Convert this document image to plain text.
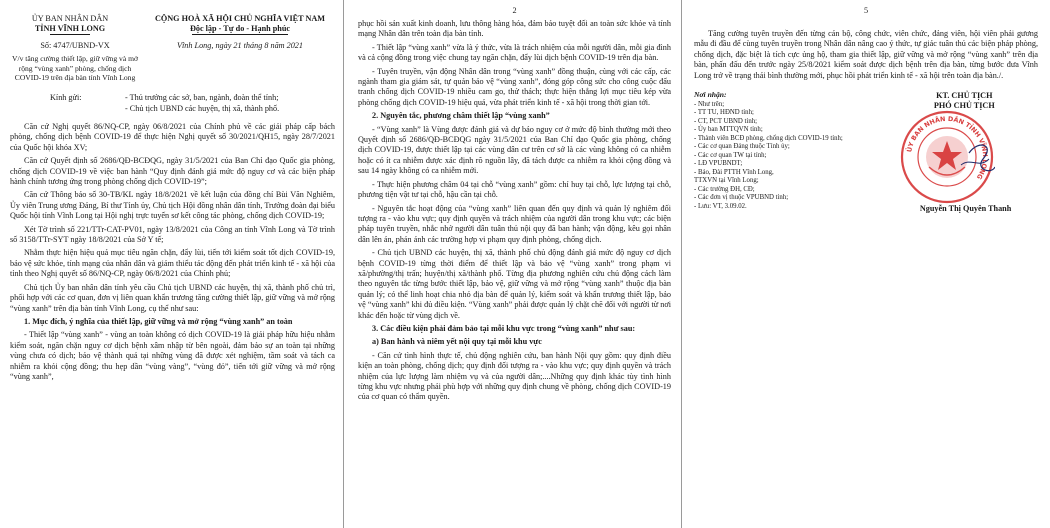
ỦY BAN NHÂN DÂN
TỈNH VĨNH LONG
CỘNG HOÀ XÃ HỘI CHỦ NGHĨA VIỆT NAM
Độc lập - Tự do - Hạnh phúc
Số: 4747/UBND-VX
V/v tăng cường thiết lập, giữ vững và mở rộng “vùng xanh” phòng, chống dịch COVID-19 trên địa bàn tỉnh Vĩnh Long
Vĩnh Long, ngày 21 tháng 8 năm 2021
Kính gửi:	- Thủ trưởng các sở, ban, ngành, đoàn thể tỉnh;
- Chủ tịch UBND các huyện, thị xã, thành phố.

Căn cứ Nghị quyết 86/NQ-CP, ngày 06/8/2021 của Chính phủ về các giải pháp cấp bách phòng, chống dịch bệnh COVID-19 để thực hiện Nghị quyết số 30/2021/QH15, ngày 28/7/2021 của Quốc hội khóa XV;

Căn cứ Quyết định số 2686/QĐ-BCĐQG, ngày 31/5/2021 của Ban Chỉ đạo Quốc gia phòng, chống dịch COVID-19 về việc ban hành “Quy định đánh giá mức độ nguy cơ và các biện pháp hành chính tương ứng trong phòng chống dịch COVID-19”;

Căn cứ Thông báo số 30-TB/KL ngày 18/8/2021 về kết luận của đồng chí Bùi Văn Nghiêm, Ủy viên Trung ương Đảng, Bí thư Tỉnh ủy, Chủ tịch Hội đồng nhân dân tỉnh, Trưởng đoàn đại biểu Quốc hội tỉnh Vĩnh Long tại Hội nghị trực tuyến sơ kết công tác phòng, chống dịch COVID-19;

Xét Tờ trình số 221/TTr-CAT-PV01, ngày 13/8/2021 của Công an tỉnh Vĩnh Long và Tờ trình số 3158/TTr-SYT ngày 18/8/2021 của Sở Y tế;

Nhằm thực hiện hiệu quả mục tiêu ngăn chặn, đẩy lùi, tiến tới kiểm soát tốt dịch COVID-19, bảo vệ sức khỏe, tính mạng của nhân dân và giảm thiểu tác động đến phát triển kinh tế - xã hội của tỉnh theo Nghị quyết số 86/NQ-CP, ngày 06/8/2021 của Chính phủ;

Chủ tịch Ủy ban nhân dân tỉnh yêu cầu Chủ tịch UBND các huyện, thị xã, thành phố chủ trì, phối hợp với các cơ quan, đơn vị liên quan khẩn trương tăng cường thiết lập, giữ vững và mở rộng “vùng xanh” trên địa bàn tỉnh Vĩnh Long, cụ thể như sau:

1. Mục đích, ý nghĩa của thiết lập, giữ vững và mở rộng “vùng xanh” an toàn

- Thiết lập “vùng xanh” - vùng an toàn không có dịch COVID-19 là giải pháp hữu hiệu nhằm kiểm soát, ngăn chặn nguy cơ dịch bệnh xâm nhập từ bên ngoài, đảm bảo sự an toàn tại những vùng chưa có dịch; bảo vệ thành quả tại những vùng đã được xét nghiệm, tầm soát và tách ca nhiễm ra khỏi cộng đồng; thu hẹp dần “vùng vàng”, “vùng đỏ”, tiến tới giữ vững và mở rộng “vùng xanh”,

2

phục hồi sản xuất kinh doanh, lưu thông hàng hóa, đảm bảo tuyệt đối an toàn sức khỏe và tính mạng Nhân dân trên toàn địa bàn tỉnh.

- Thiết lập “vùng xanh” vừa là ý thức, vừa là trách nhiệm của mỗi người dân, mỗi gia đình và cả cộng đồng trong việc chung tay ngăn chặn, đẩy lùi dịch bệnh COVID-19 trên địa bàn.

- Tuyên truyền, vận động Nhân dân trong “vùng xanh” đồng thuận, cùng với các cấp, các ngành tham gia giám sát, tự quản bảo vệ “vùng xanh”, đóng góp công sức cho công cuộc đấu tranh chống dịch COVID-19 nhiều cam go, thử thách; thực hiện thắng lợi mục tiêu kép vừa phòng chống dịch COVID-19 hiệu quả, vừa phát triển kinh tế - xã hội trong thời gian tới.

2. Nguyên tắc, phương châm thiết lập “vùng xanh”

- “Vùng xanh” là Vùng được đánh giá và dự báo nguy cơ ở mức độ bình thường mới theo Quyết định số 2686/QĐ-BCĐQG ngày 31/5/2021 của Ban Chỉ đạo Quốc gia phòng, chống dịch COVID-19, được thiết lập tại các vùng dân cư trên cơ sở là các vùng không có ca nhiễm hoặc có ít ca nhiễm được xác định rõ nguồn lây, đã tách được ca nhiễm ra khỏi cộng đồng và sau 14 ngày không có ca nhiễm mới.

- Thực hiện phương châm 04 tại chỗ “vùng xanh” gồm: chỉ huy tại chỗ, lực lượng tại chỗ, phương tiện vật tư tại chỗ, hậu cần tại chỗ.

- Nguyên tắc hoạt động của “vùng xanh” liên quan đến quy định và quản lý nghiêm đối tượng ra - vào khu vực; quy định quyền và trách nhiệm của người dân trong khu vực; các biện pháp tuyên truyền, nhắc nhở người dân tuân thủ nội quy đã ban hành; vận động, kêu gọi nhân dân lên án, phản ánh các trường hợp vi phạm quy định phòng, chống dịch.

- Chủ tịch UBND các huyện, thị xã, thành phố chủ động đánh giá mức độ nguy cơ dịch bệnh COVID-19 từng thời điểm để thiết lập và bảo vệ “vùng xanh” trong phạm vi xã/phường/thị trấn; huyện/thị xã/thành phố. Từng địa phương nghiên cứu chủ động cách làm theo nguyên tắc từng bước thiết lập, bảo vệ, giữ vững và mở rộng “vùng xanh” thuộc địa bàn quản lý; có thể linh hoạt chia nhỏ địa bàn để quản lý, kiểm soát và khẩn trương thiết lập, bảo vệ “vùng xanh” khi đủ điều kiện. “Vùng xanh” phải được quản lý chặt chẽ đối với người từ nơi khác đến hoặc từ vùng dịch về.

3. Các điều kiện phải đảm bảo tại mỗi khu vực trong “vùng xanh” như sau:

a) Ban hành và niêm yết nội quy tại mỗi khu vực

- Căn cứ tình hình thực tế, chủ động nghiên cứu, ban hành Nội quy gồm: quy định điều kiện an toàn phòng, chống dịch; quy định đối tượng ra - vào khu vực; quy định quyền và trách nhiệm của lực lượng làm nhiệm vụ và của người dân;....Những quy định khác tùy tình hình từng khu vực nhưng phải phù hợp với những quy định chung về phòng, chống dịch COVID-19 của cơ quan có thẩm quyền.

5

Tăng cường tuyên truyền đến từng cán bộ, công chức, viên chức, đảng viên, hội viên phải gương mẫu đi đầu để cùng tuyên truyền trong Nhân dân nâng cao ý thức, tự giác tuân thủ các biện pháp phòng, chống dịch, đặc biệt là tích cực ủng hộ, tham gia thiết lập, giữ vững và mở rộng “vùng xanh” trên địa bàn, phấn đấu đến trước ngày 25/8/2021 kiểm soát được dịch bệnh trên địa bàn, từng bước đưa Vĩnh Long trở về trạng thái bình thường mới, phục hồi phát triển kinh tế - xã hội trên toàn địa bàn./.

Nơi nhận:
- Như trên;
- TT TU, HĐND tỉnh;
- CT, PCT UBND tỉnh;
- Ủy ban MTTQVN tỉnh;
- Thành viên BCĐ phòng, chống dịch COVID-19 tỉnh;
- Các cơ quan Đảng thuộc Tỉnh ủy;
- Các cơ quan TW tại tỉnh;
- LĐ VPUBNDT;
- Báo, Đài PTTH Vĩnh Long,
TTXVN tại Vĩnh Long;
- Các trường ĐH, CĐ;
- Các đơn vị thuộc VPUBND tỉnh;
- Lưu: VT, 3.09.02.
KT. CHỦ TỊCH
PHÓ CHỦ TỊCH
ỦY BAN NHÂN DÂN TỈNH VĨNH LONG
Nguyễn Thị Quyên Thanh
